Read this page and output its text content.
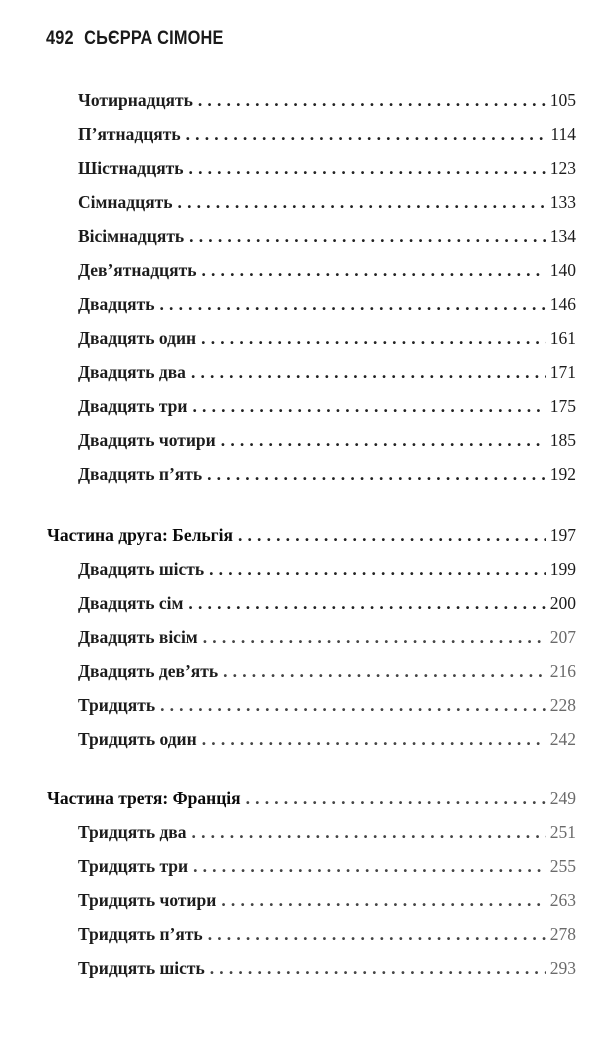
492 СЬЄРРА СІМОНЕ
Чотирнадцять . . .	105
П’ятнадцять . . .	114
Шістнадцять . . .	123
Сімнадцять . . .	133
Вісімнадцять . . .	134
Дев’ятнадцять . . .	140
Двадцять . . .	146
Двадцять один . . .	161
Двадцять два . . .	171
Двадцять три . . .	175
Двадцять чотири . . .	185
Двадцять п’ять . . .	192
Частина друга: Бельгія . . .	197
Двадцять шість . . .	199
Двадцять сім . . .	200
Двадцять вісім . . .	207
Двадцять дев’ять . . .	216
Тридцять . . .	228
Тридцять один . . .	242
Частина третя: Франція . . .	249
Тридцять два . . .	251
Тридцять три . . .	255
Тридцять чотири . . .	263
Тридцять п’ять . . .	278
Тридцять шість . . .	293
